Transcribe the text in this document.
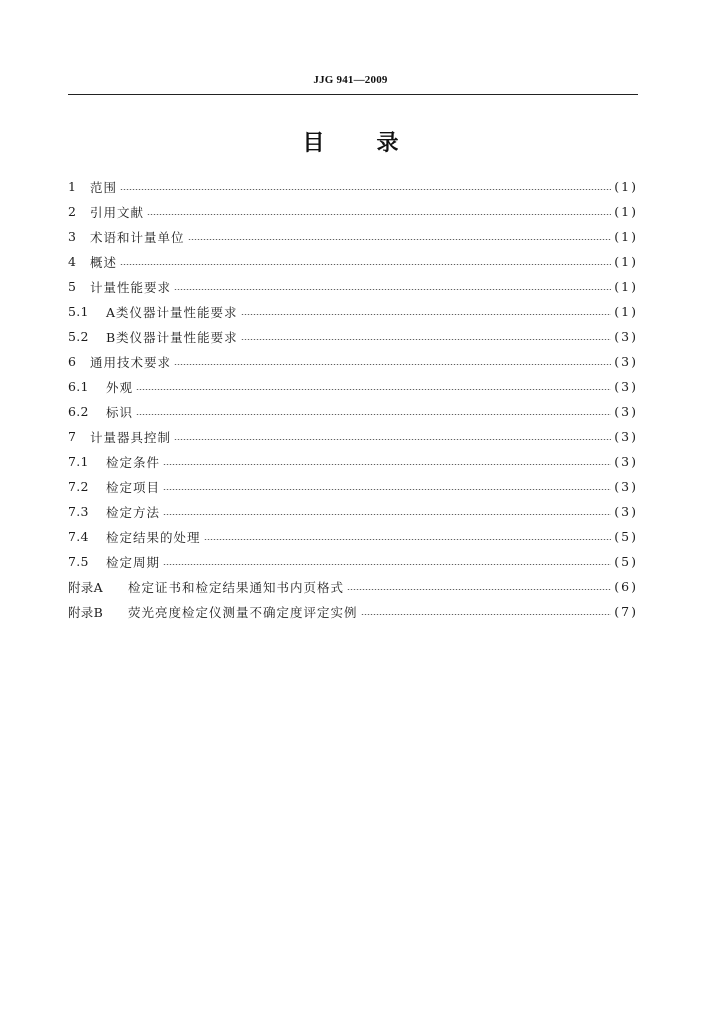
JJG 941—2009
目 录
1	范围	(1)
2	引用文献	(1)
3	术语和计量单位	(1)
4	概述	(1)
5	计量性能要求	(1)
5.1	A类仪器计量性能要求	(1)
5.2	B类仪器计量性能要求	(3)
6	通用技术要求	(3)
6.1	外观	(3)
6.2	标识	(3)
7	计量器具控制	(3)
7.1	检定条件	(3)
7.2	检定项目	(3)
7.3	检定方法	(3)
7.4	检定结果的处理	(5)
7.5	检定周期	(5)
附录A	检定证书和检定结果通知书内页格式	(6)
附录B	荧光亮度检定仪测量不确定度评定实例	(7)
